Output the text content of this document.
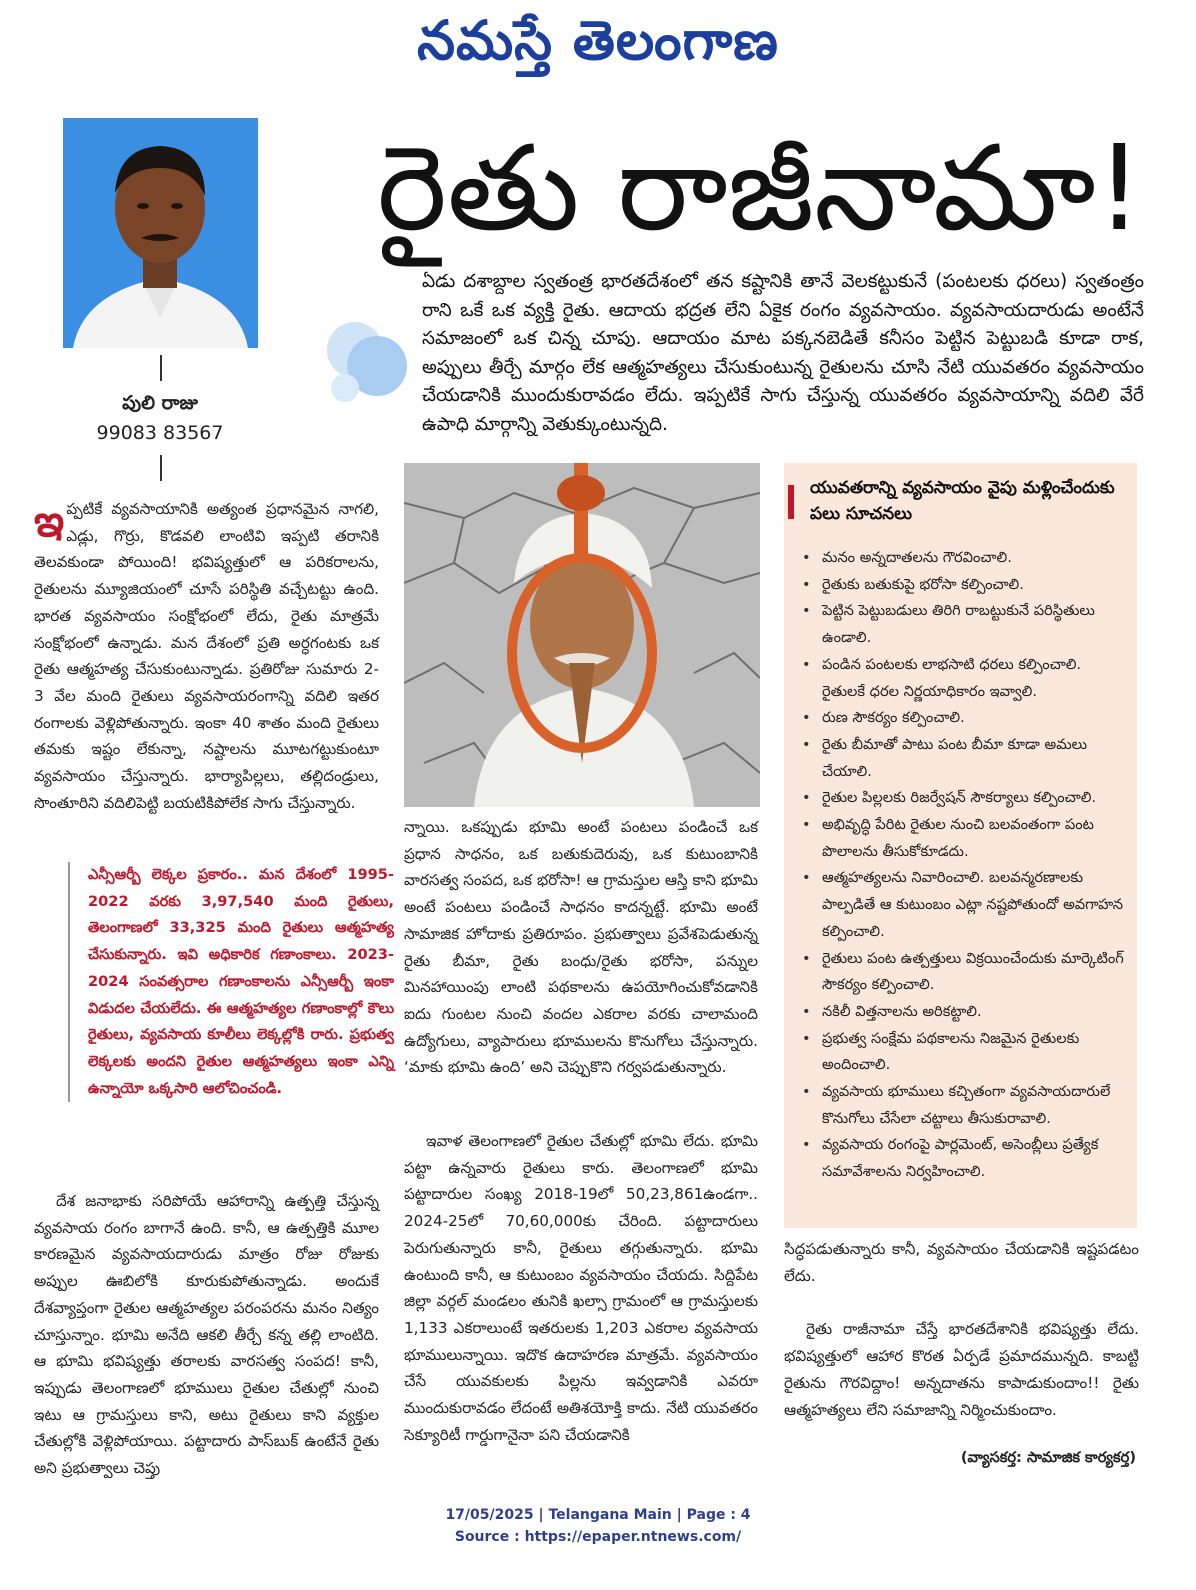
నమస్తే తెలంగాణ
పులి రాజు
99083 83567
రైతు రాజీనామా!
ఏడు దశాబ్దాల స్వతంత్ర భారతదేశంలో తన కష్టానికి తానే వెలకట్టుకునే (పంటలకు ధరలు) స్వతంత్రం రాని ఒకే ఒక వ్యక్తి రైతు. ఆదాయ భద్రత లేని ఏకైక రంగం వ్యవసాయం. వ్యవసాయదారుడు అంటేనే సమాజంలో ఒక చిన్న చూపు. ఆదాయం మాట పక్కనబెడితే కనీసం పెట్టిన పెట్టుబడి కూడా రాక, అప్పులు తీర్చే మార్గం లేక ఆత్మహత్యలు చేసుకుంటున్న రైతులను చూసి నేటి యువతరం వ్యవసాయం చేయడానికి ముందుకురావడం లేదు. ఇప్పటికే సాగు చేస్తున్న యువతరం వ్యవసాయాన్ని వదిలి వేరే ఉపాధి మార్గాన్ని వెతుక్కుంటున్నది.
ఇ ప్పటికే వ్యవసాయానికి అత్యంత ప్రధానమైన నాగలి, ఎడ్లు, గొర్రు, కొడవలి లాంటివి ఇప్పటి తరానికి తెలవకుండా పోయింది! భవిష్యత్తులో ఆ పరికరాలను, రైతులను మ్యూజియంలో చూసే పరిస్థితి వచ్చేటట్టు ఉంది. భారత వ్యవసాయం సంక్షోభంలో లేదు, రైతు మాత్రమే సంక్షోభంలో ఉన్నాడు. మన దేశంలో ప్రతి అర్ధగంటకు ఒక రైతు ఆత్మహత్య చేసుకుంటున్నాడు. ప్రతిరోజు సుమారు 2-3 వేల మంది రైతులు వ్యవసాయరంగాన్ని వదిలి ఇతర రంగాలకు వెళ్లిపోతున్నారు. ఇంకా 40 శాతం మంది రైతులు తమకు ఇష్టం లేకున్నా, నష్టాలను మూటగట్టుకుంటూ వ్యవసాయం చేస్తున్నారు. భార్యాపిల్లలు, తల్లిదండ్రులు, సొంతూరిని వదిలిపెట్టి బయటికిపోలేక సాగు చేస్తున్నారు.
ఎన్సీఆర్బీ లెక్కల ప్రకారం.. మన దేశంలో 1995-2022 వరకు 3,97,540 మంది రైతులు, తెలంగాణలో 33,325 మంది రైతులు ఆత్మహత్య చేసుకున్నారు. ఇవి అధికారిక గణాంకాలు. 2023-2024 సంవత్సరాల గణాంకాలను ఎన్సీఆర్బీ ఇంకా విడుదల చేయలేదు. ఈ ఆత్మహత్యల గణాంకాల్లో కౌలు రైతులు, వ్యవసాయ కూలీలు లెక్కల్లోకి రారు. ప్రభుత్వ లెక్కలకు అందని రైతుల ఆత్మహత్యలు ఇంకా ఎన్ని ఉన్నాయో ఒక్కసారి ఆలోచించండి.

దేశ జనాభాకు సరిపోయే ఆహారాన్ని ఉత్పత్తి చేస్తున్న వ్యవసాయ రంగం బాగానే ఉంది. కానీ, ఆ ఉత్పత్తికి మూల కారణమైన వ్యవసాయదారుడు మాత్రం రోజు రోజుకు అప్పుల ఊబిలోకి కూరుకుపోతున్నాడు. అందుకే దేశవ్యాప్తంగా రైతుల ఆత్మహత్యల పరంపరను మనం నిత్యం చూస్తున్నాం. భూమి అనేది ఆకలి తీర్చే కన్న తల్లి లాంటిది. ఆ భూమి భవిష్యత్తు తరాలకు వారసత్వ సంపద! కానీ, ఇప్పుడు తెలంగాణలో భూములు రైతుల చేతుల్లో నుంచి ఇటు ఆ గ్రామస్తులు కాని, అటు రైతులు కాని వ్యక్తుల చేతుల్లోకి వెళ్లిపోయాయి. పట్టాదారు పాస్‌బుక్ ఉంటేనే రైతు అని ప్రభుత్వాలు చెప్తు

న్నాయి. ఒకప్పుడు భూమి అంటే పంటలు పండించే ఒక ప్రధాన సాధనం, ఒక బతుకుదెరువు, ఒక కుటుంబానికి వారసత్వ సంపద, ఒక భరోసా! ఆ గ్రామస్తుల ఆస్తి కాని భూమి అంటే పంటలు పండించే సాధనం కాదన్నట్టే. భూమి అంటే సామాజిక హోదాకు ప్రతిరూపం. ప్రభుత్వాలు ప్రవేశపెడుతున్న రైతు బీమా, రైతు బంధు/రైతు భరోసా, పన్నుల మినహాయింపు లాంటి పథకాలను ఉపయోగించుకోవడానికి ఐదు గుంటల నుంచి వందల ఎకరాల వరకు చాలామంది ఉద్యోగులు, వ్యాపారులు భూములను కొనుగోలు చేస్తున్నారు. ‘మాకు భూమి ఉంది’ అని చెప్పుకొని గర్వపడుతున్నారు.

ఇవాళ తెలంగాణలో రైతుల చేతుల్లో భూమి లేదు. భూమి పట్టా ఉన్నవారు రైతులు కారు. తెలంగాణలో భూమి పట్టాదారుల సంఖ్య 2018-19లో 50,23,861ఉండగా.. 2024-25లో 70,60,000కు చేరింది. పట్టాదారులు పెరుగుతున్నారు కానీ, రైతులు తగ్గుతున్నారు. భూమి ఉంటుంది కానీ, ఆ కుటుంబం వ్యవసాయం చేయదు. సిద్దిపేట జిల్లా వర్గల్ మండలం తునికి ఖల్సా గ్రామంలో ఆ గ్రామస్తులకు 1,133 ఎకరాలుంటే ఇతరులకు 1,203 ఎకరాల వ్యవసాయ భూములున్నాయి. ఇదొక ఉదాహరణ మాత్రమే. వ్యవసాయం చేసే యువకులకు పిల్లను ఇవ్వడానికి ఎవరూ ముందుకురావడం లేదంటే అతిశయోక్తి కాదు. నేటి యువతరం సెక్యూరిటీ గార్డుగానైనా పని చేయడానికి

యువతరాన్ని వ్యవసాయం వైపు మళ్లించేందుకు పలు సూచనలు
• మనం అన్నదాతలను గౌరవించాలి.
• రైతుకు బతుకుపై భరోసా కల్పించాలి.
• పెట్టిన పెట్టుబడులు తిరిగి రాబట్టుకునే పరిస్థితులు ఉండాలి.
• పండిన పంటలకు లాభసాటి ధరలు కల్పించాలి. రైతులకే ధరల నిర్ణయాధికారం ఇవ్వాలి.
• రుణ సౌకర్యం కల్పించాలి.
• రైతు బీమాతో పాటు పంట బీమా కూడా అమలు చేయాలి.
• రైతుల పిల్లలకు రిజర్వేషన్ సౌకర్యాలు కల్పించాలి.
• అభివృద్ధి పేరిట రైతుల నుంచి బలవంతంగా పంట పొలాలను తీసుకోకూడదు.
• ఆత్మహత్యలను నివారించాలి. బలవన్మరణాలకు పాల్పడితే ఆ కుటుంబం ఎట్లా నష్టపోతుందో అవగాహన కల్పించాలి.
• రైతులు పంట ఉత్పత్తులు విక్రయించేందుకు మార్కెటింగ్ సౌకర్యం కల్పించాలి.
• నకిలీ విత్తనాలను అరికట్టాలి.
• ప్రభుత్వ సంక్షేమ పథకాలను నిజమైన రైతులకు అందించాలి.
• వ్యవసాయ భూములు కచ్చితంగా వ్యవసాయదారులే కొనుగోలు చేసేలా చట్టాలు తీసుకురావాలి.
• వ్యవసాయ రంగంపై పార్లమెంట్, అసెంబ్లీలు ప్రత్యేక సమావేశాలను నిర్వహించాలి.

సిద్ధపడుతున్నారు కానీ, వ్యవసాయం చేయడానికి ఇష్టపడటం లేదు.

రైతు రాజీనామా చేస్తే భారతదేశానికి భవిష్యత్తు లేదు. భవిష్యత్తులో ఆహార కొరత ఏర్పడే ప్రమాదమున్నది. కాబట్టి రైతును గౌరవిద్దాం! అన్నదాతను కాపాడుకుందాం!! రైతు ఆత్మహత్యలు లేని సమాజాన్ని నిర్మించుకుందాం.

(వ్యాసకర్త: సామాజిక కార్యకర్త)
17/05/2025 | Telangana Main | Page : 4
Source : https://epaper.ntnews.com/
